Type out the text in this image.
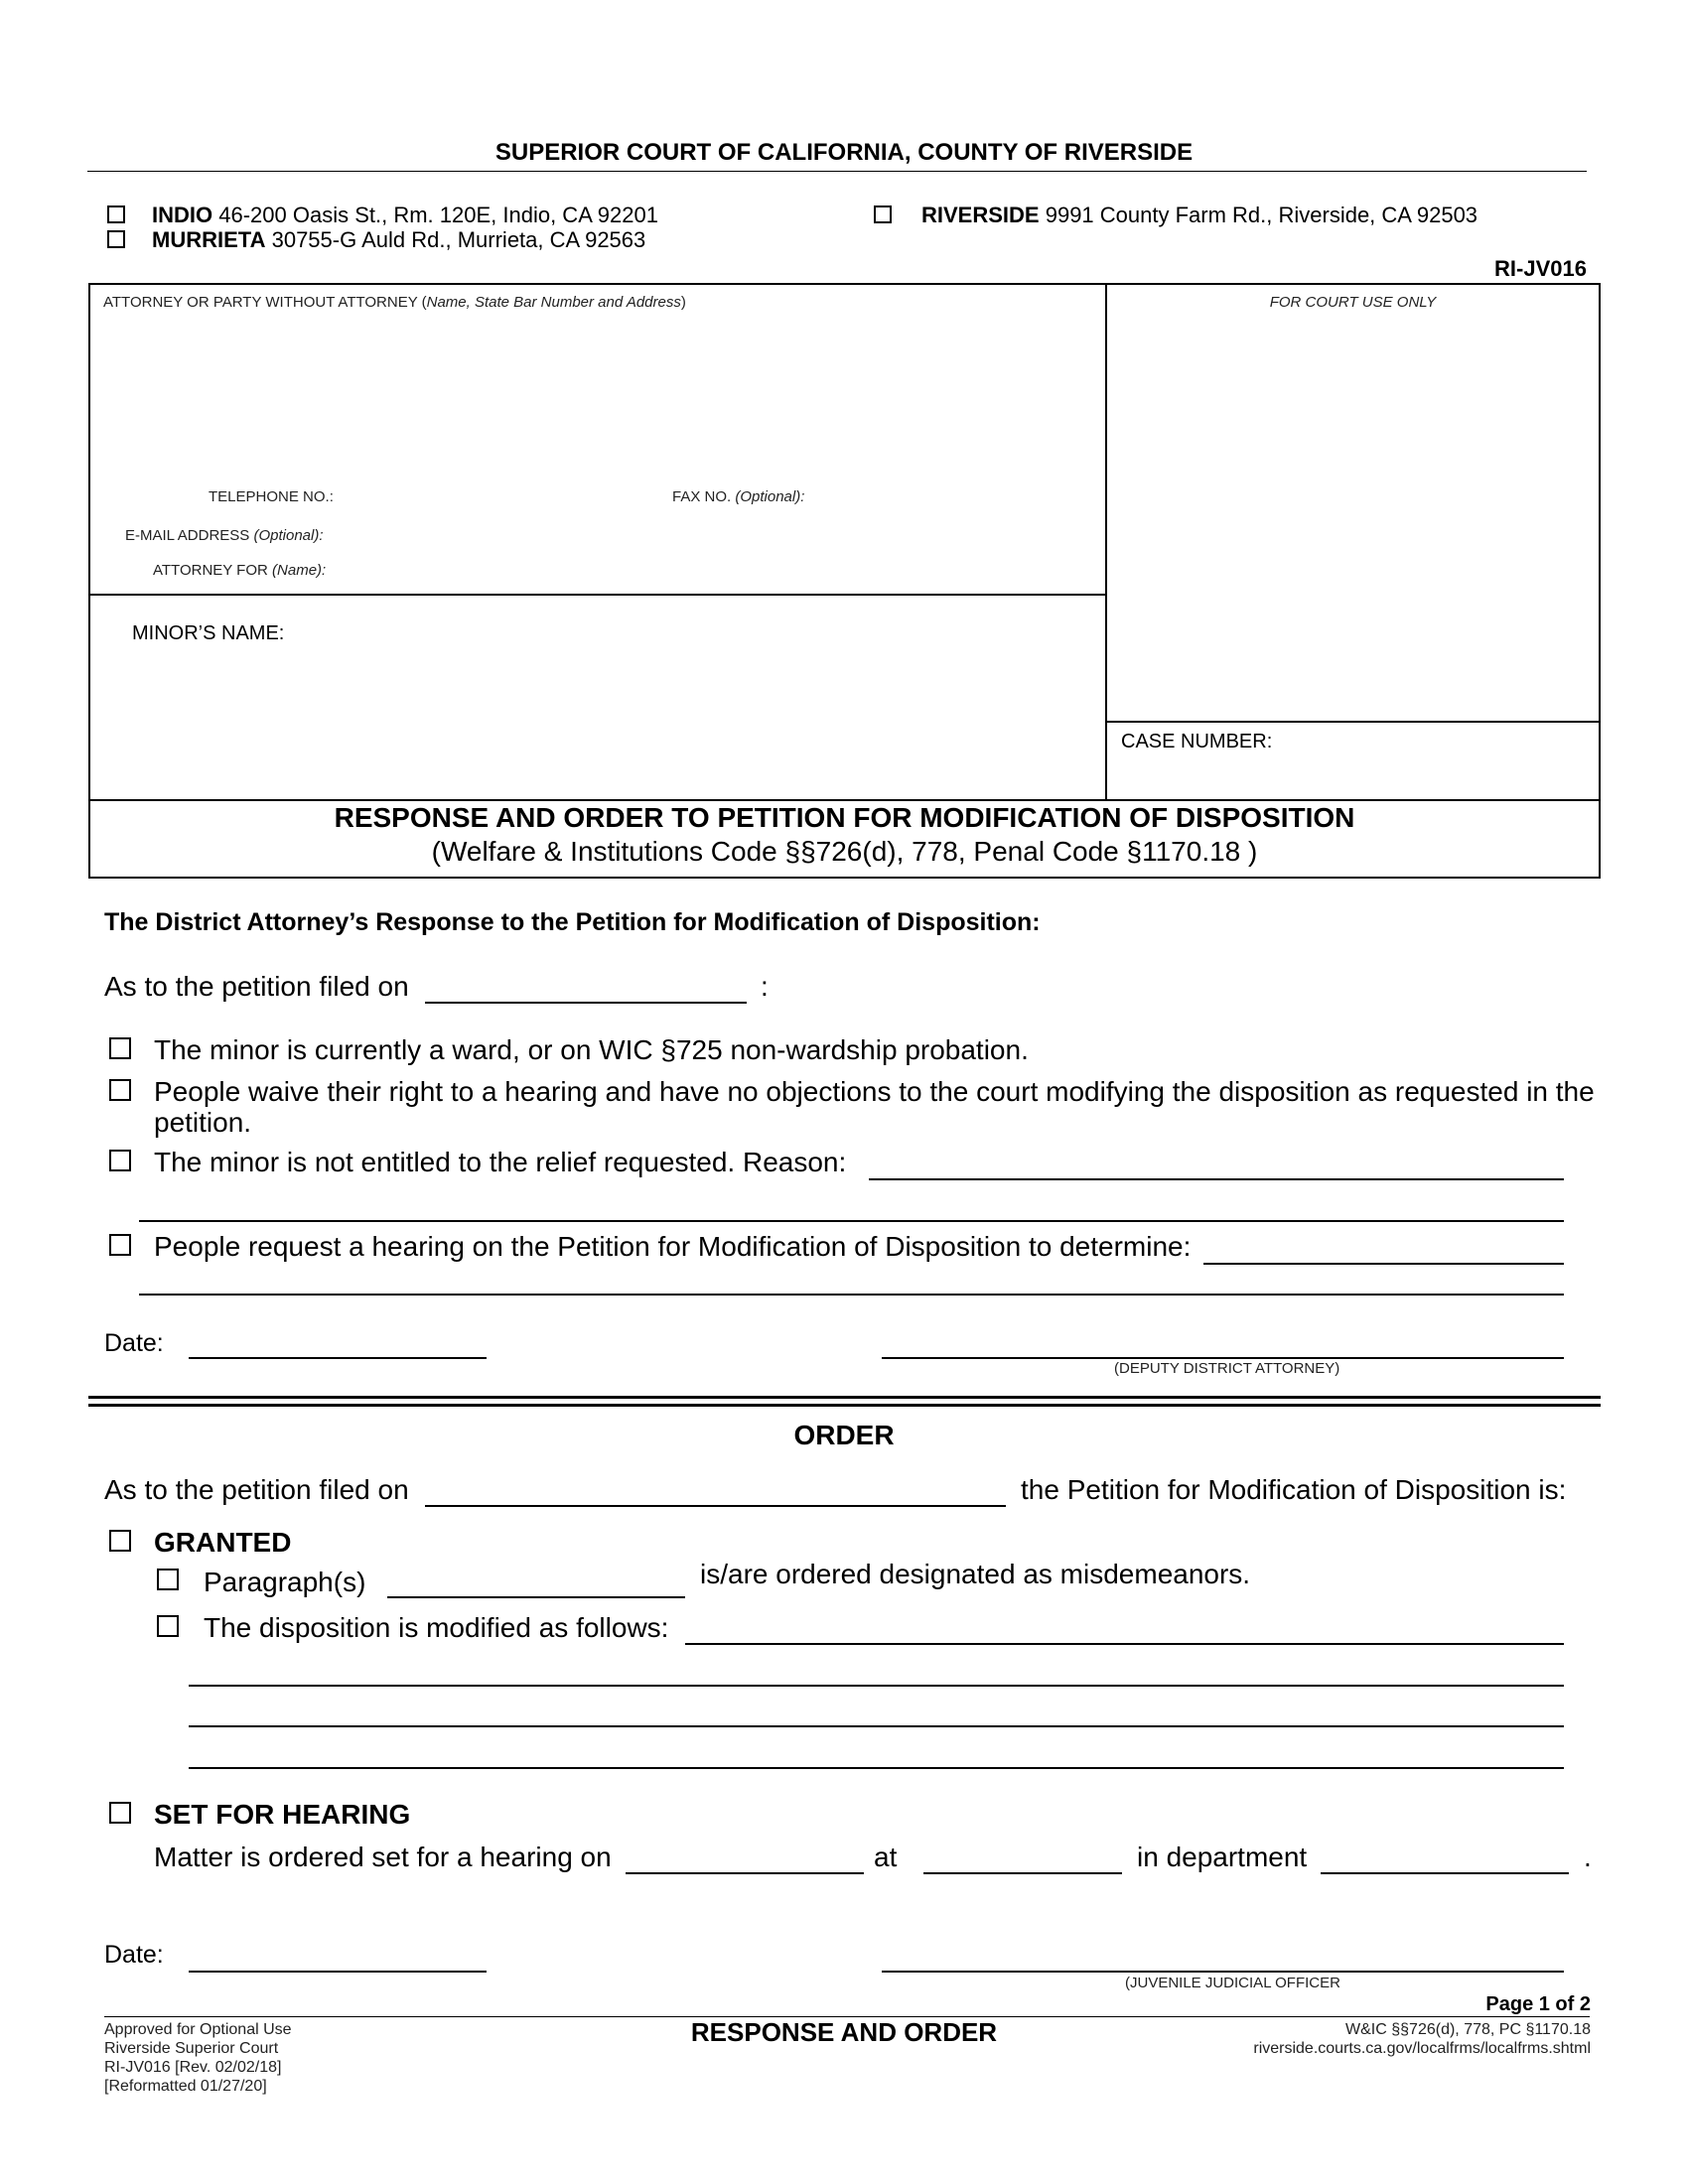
SUPERIOR COURT OF CALIFORNIA, COUNTY OF RIVERSIDE
INDIO 46-200 Oasis St., Rm. 120E, Indio, CA 92201
MURRIETA 30755-G Auld Rd., Murrieta, CA 92563
RIVERSIDE 9991 County Farm Rd., Riverside, CA 92503
RI-JV016
ATTORNEY OR PARTY WITHOUT ATTORNEY (Name, State Bar Number and Address)	FOR COURT USE ONLY
TELEPHONE NO.:	FAX NO. (Optional):
E-MAIL ADDRESS (Optional):
ATTORNEY FOR (Name):
MINOR’S NAME:
CASE NUMBER:
RESPONSE AND ORDER TO PETITION FOR MODIFICATION OF DISPOSITION
(Welfare & Institutions Code §§726(d), 778, Penal Code §1170.18 )
The District Attorney’s Response to the Petition for Modification of Disposition:
As to the petition filed on	:
The minor is currently a ward, or on WIC §725 non-wardship probation.
People waive their right to a hearing and have no objections to the court modifying the disposition as requested in the
petition.
The minor is not entitled to the relief requested. Reason:
People request a hearing on the Petition for Modification of Disposition to determine:
Date:
(DEPUTY DISTRICT ATTORNEY)
ORDER
As to the petition filed on	the Petition for Modification of Disposition is:
GRANTED
Paragraph(s)	is/are ordered designated as misdemeanors.
The disposition is modified as follows:
SET FOR HEARING
Matter is ordered set for a hearing on	at	in department	.
Date:
(JUVENILE JUDICIAL OFFICER
Page 1 of 2
Approved for Optional Use
Riverside Superior Court
RI-JV016 [Rev. 02/02/18]
[Reformatted 01/27/20]
RESPONSE AND ORDER	W&IC §§726(d), 778, PC §1170.18
riverside.courts.ca.gov/localfrms/localfrms.shtml
